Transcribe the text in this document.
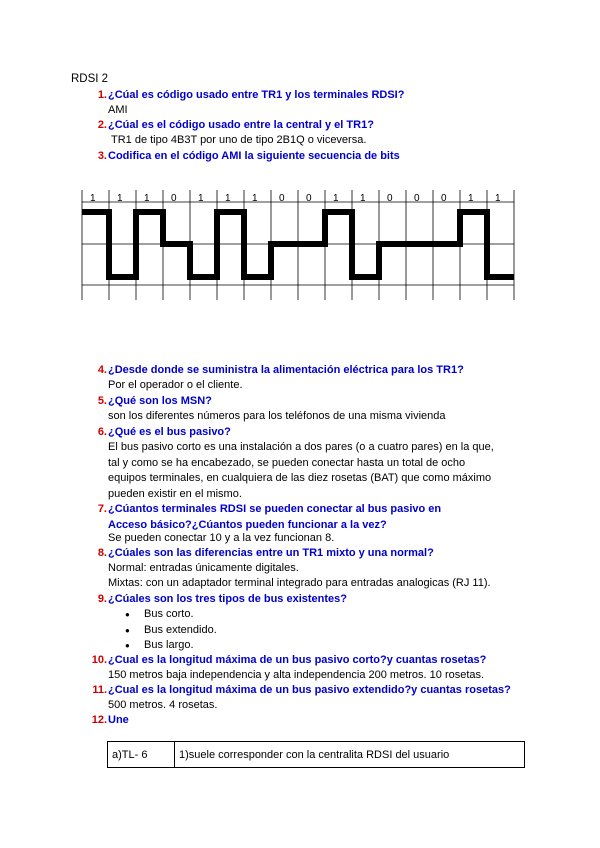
RDSI 2
1. ¿Cúal es código usado entre TR1 y los terminales RDSI?
AMI
2. ¿Cúal es el código usado entre la central y el TR1?
TR1 de tipo 4B3T por uno de tipo 2B1Q o viceversa.
3. Codifica en el código AMI la siguiente secuencia de bits
1 1 1 0 1 1 1 0 0 1 1 0 0 0 1 1
4. ¿Desde donde se suministra la alimentación eléctrica para los TR1?
Por el operador o el cliente.
5. ¿Qué son los MSN?
son los diferentes números para los teléfonos de una misma vivienda
6. ¿Qué es el bus pasivo?
El bus pasivo corto es una instalación a dos pares (o a cuatro pares) en la que, tal y como se ha encabezado, se pueden conectar hasta un total de ocho equipos terminales, en cualquiera de las diez rosetas (BAT) que como máximo pueden existir en el mismo.
7. ¿Cúantos terminales RDSI se pueden conectar al bus pasivo en Acceso básico?¿Cúantos pueden funcionar a la vez?
Se pueden conectar 10 y a la vez funcionan 8.
8. ¿Cúales son las diferencias entre un TR1 mixto y una normal?
Normal: entradas únicamente digitales.
Mixtas: con un adaptador terminal integrado para entradas analogicas (RJ 11).
9. ¿Cúales son los tres tipos de bus existentes?
● Bus corto.
● Bus extendido.
● Bus largo.
10. ¿Cual es la longitud máxima de un bus pasivo corto?y cuantas rosetas?
150 metros baja independencia y alta independencia 200 metros. 10 rosetas.
11. ¿Cual es la longitud máxima de un bus pasivo extendido?y cuantas rosetas?
500 metros. 4 rosetas.
12. Une
a)TL- 6	1)suele corresponder con la centralita RDSI del usuario
